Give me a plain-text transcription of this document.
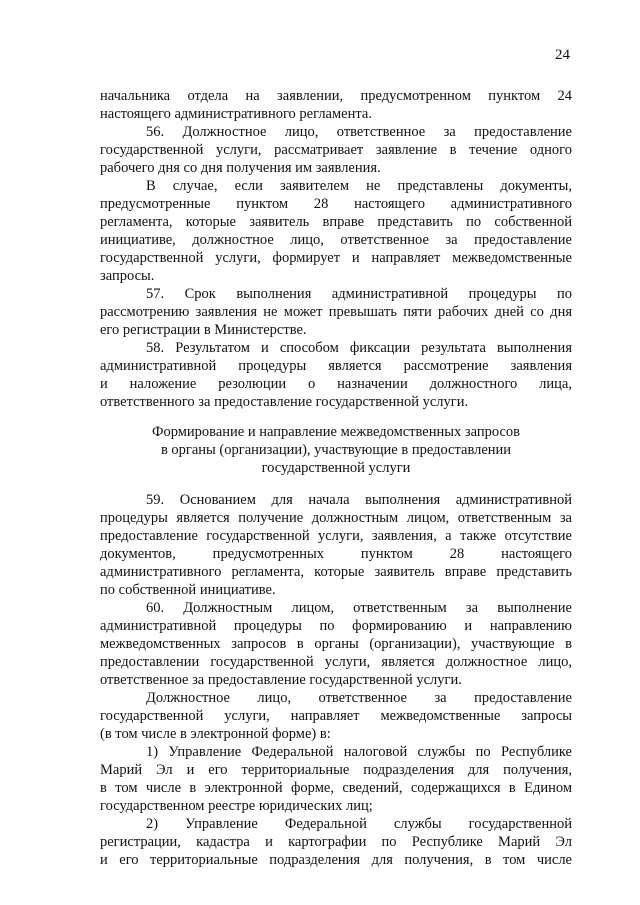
24
начальника отдела на заявлении, предусмотренном пунктом 24
настоящего административного регламента.
56. Должностное лицо, ответственное за предоставление
государственной услуги, рассматривает заявление в течение одного
рабочего дня со дня получения им заявления.
В случае, если заявителем не представлены документы,
предусмотренные пунктом 28 настоящего административного
регламента, которые заявитель вправе представить по собственной
инициативе, должностное лицо, ответственное за предоставление
государственной услуги, формирует и направляет межведомственные
запросы.
57. Срок выполнения административной процедуры по
рассмотрению заявления не может превышать пяти рабочих дней со дня
его регистрации в Министерстве.
58. Результатом и способом фиксации результата выполнения
административной процедуры является рассмотрение заявления
и наложение резолюции о назначении должностного лица,
ответственного за предоставление государственной услуги.
Формирование и направление межведомственных запросов
в органы (организации), участвующие в предоставлении
государственной услуги
59. Основанием для начала выполнения административной
процедуры является получение должностным лицом, ответственным за
предоставление государственной услуги, заявления, а также отсутствие
документов, предусмотренных пунктом 28 настоящего
административного регламента, которые заявитель вправе представить
по собственной инициативе.
60. Должностным лицом, ответственным за выполнение
административной процедуры по формированию и направлению
межведомственных запросов в органы (организации), участвующие в
предоставлении государственной услуги, является должностное лицо,
ответственное за предоставление государственной услуги.
Должностное лицо, ответственное за предоставление
государственной услуги, направляет межведомственные запросы
(в том числе в электронной форме) в:
1) Управление Федеральной налоговой службы по Республике
Марий Эл и его территориальные подразделения для получения,
в том числе в электронной форме, сведений, содержащихся в Едином
государственном реестре юридических лиц;
2) Управление Федеральной службы государственной
регистрации, кадастра и картографии по Республике Марий Эл
и его территориальные подразделения для получения, в том числе
